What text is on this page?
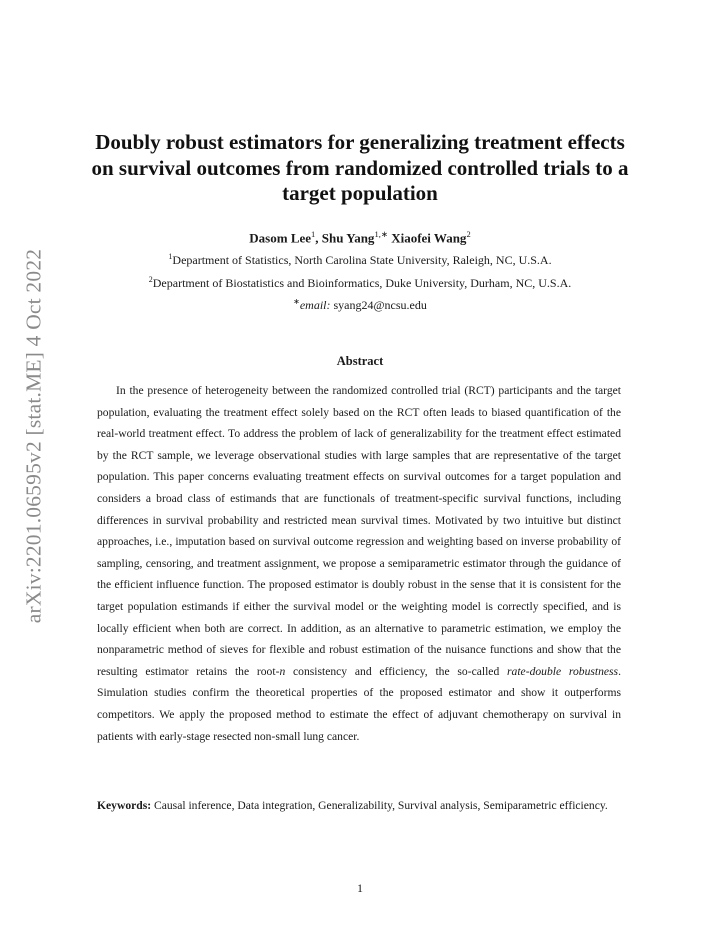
arXiv:2201.06595v2 [stat.ME] 4 Oct 2022
Doubly robust estimators for generalizing treatment effects
on survival outcomes from randomized controlled trials to a
target population
Dasom Lee$^1$, Shu Yang$^{1,∗}$ Xiaofei Wang$^2$
$^1$Department of Statistics, North Carolina State University, Raleigh, NC, U.S.A.
$^2$Department of Biostatistics and Bioinformatics, Duke University, Durham, NC, U.S.A.
∗email: syang24@ncsu.edu
Abstract

In the presence of heterogeneity between the randomized controlled trial (RCT) participants and the target population, evaluating the treatment effect solely based on the RCT often leads to biased quantification of the real-world treatment effect. To address the problem of lack of generalizability for the treatment effect estimated by the RCT sample, we leverage observational studies with large samples that are representative of the target population. This paper concerns evaluating treatment effects on survival outcomes for a target population and considers a broad class of estimands that are functionals of treatment-specific survival functions, including differences in survival probability and restricted mean survival times. Motivated by two intuitive but distinct approaches, i.e., imputation based on survival outcome regression and weighting based on inverse probability of sampling, censoring, and treatment assignment, we propose a semiparametric estimator through the guidance of the efficient influence function. The proposed estimator is doubly robust in the sense that it is consistent for the target population estimands if either the survival model or the weighting model is correctly specified, and is locally efficient when both are correct. In addition, as an alternative to parametric estimation, we employ the nonparametric method of sieves for flexible and robust estimation of the nuisance functions and show that the resulting estimator retains the root-n consistency and efficiency, the so-called rate-double robustness. Simulation studies confirm the theoretical properties of the proposed estimator and show it outperforms competitors. We apply the proposed method to estimate the effect of adjuvant chemotherapy on survival in patients with early-stage resected non-small lung cancer.

Keywords: Causal inference, Data integration, Generalizability, Survival analysis, Semiparametric efficiency.

1
